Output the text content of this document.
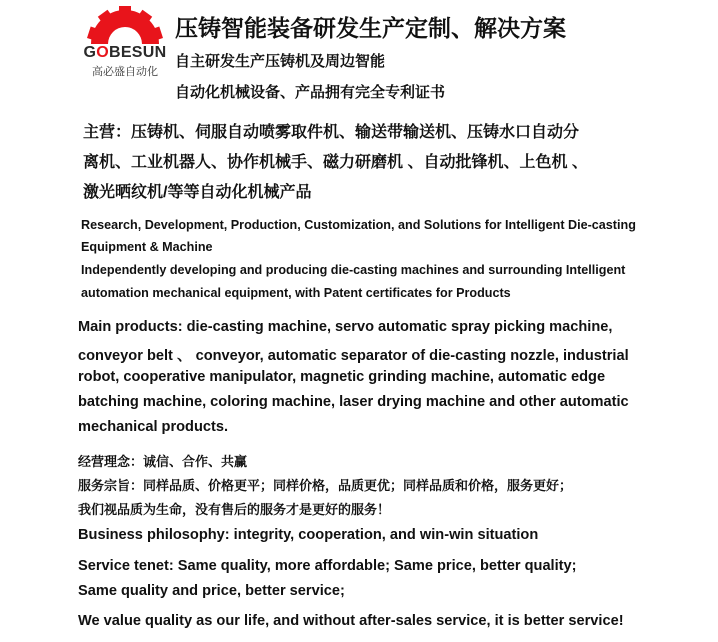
GOBESUN
高必盛自动化
压铸智能装备研发生产定制、解决方案
自主研发生产压铸机及周边智能
自动化机械设备、产品拥有完全专利证书
主营：压铸机、伺服自动喷雾取件机、输送带输送机、压铸水口自动分
离机、工业机器人、协作机械手、磁力研磨机 、自动批锋机、上色机 、
激光晒纹机/等等自动化机械产品
Research, Development, Production, Customization, and Solutions for Intelligent Die-casting
Equipment & Machine
Independently developing and producing die-casting machines and surrounding Intelligent
automation mechanical equipment, with Patent certificates for Products
Main products: die-casting machine, servo automatic spray picking machine,
conveyor belt 、 conveyor, automatic separator of die-casting nozzle, industrial
robot, cooperative manipulator, magnetic grinding machine, automatic edge
batching machine, coloring machine, laser drying machine and other automatic
mechanical products.
经营理念：诚信、合作、共赢
服务宗旨：同样品质、价格更平；同样价格，品质更优；同样品质和价格，服务更好；
我们视品质为生命，没有售后的服务才是更好的服务！
Business philosophy: integrity, cooperation, and win-win situation
Service tenet: Same quality, more affordable; Same price, better quality;
Same quality and price, better service;
We value quality as our life, and without after-sales service, it is better service!
